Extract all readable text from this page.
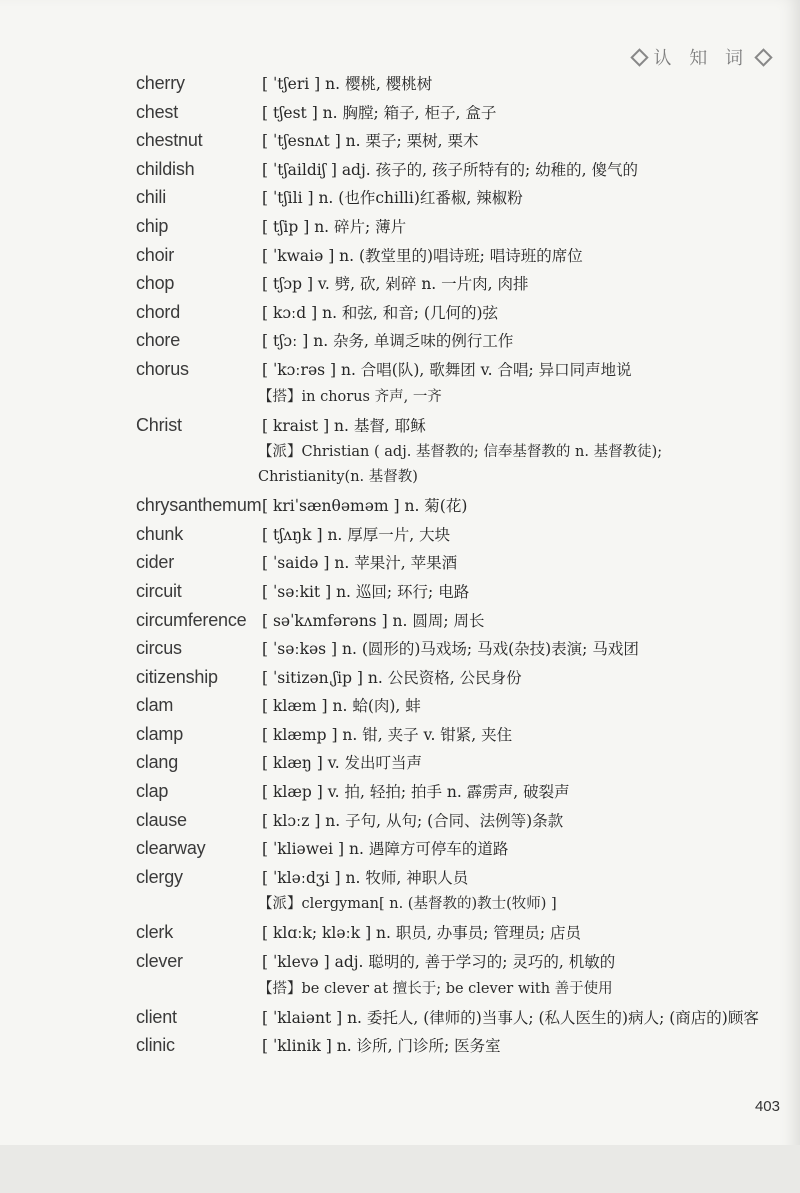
认 知 词
cherry	[ ˈtʃeri ] n. 樱桃, 樱桃树
chest	[ tʃest ] n. 胸膛; 箱子, 柜子, 盒子
chestnut	[ ˈtʃesnʌt ] n. 栗子; 栗树, 栗木
childish	[ ˈtʃaildiʃ ] adj. 孩子的, 孩子所特有的; 幼稚的, 傻气的
chili	[ ˈtʃili ] n. (也作chilli)红番椒, 辣椒粉
chip	[ tʃip ] n. 碎片; 薄片
choir	[ ˈkwaiə ] n. (教堂里的)唱诗班; 唱诗班的席位
chop	[ tʃɔp ] v. 劈, 砍, 剁碎 n. 一片肉, 肉排
chord	[ kɔːd ] n. 和弦, 和音; (几何的)弦
chore	[ tʃɔː ] n. 杂务, 单调乏味的例行工作
chorus	[ ˈkɔːrəs ] n. 合唱(队), 歌舞团 v. 合唱; 异口同声地说
【搭】in chorus 齐声, 一齐
Christ	[ kraist ] n. 基督, 耶稣
【派】Christian ( adj. 基督教的; 信奉基督教的 n. 基督教徒); Christianity(n. 基督教)
chrysanthemum [ kriˈsænθəməm ] n. 菊(花)
chunk	[ tʃʌŋk ] n. 厚厚一片, 大块
cider	[ ˈsaidə ] n. 苹果汁, 苹果酒
circuit	[ ˈsəːkit ] n. 巡回; 环行; 电路
circumference [ səˈkʌmfərəns ] n. 圆周; 周长
circus	[ ˈsəːkəs ] n. (圆形的)马戏场; 马戏(杂技)表演; 马戏团
citizenship	[ ˈsitizənˌʃip ] n. 公民资格, 公民身份
clam	[ klæm ] n. 蛤(肉), 蚌
clamp	[ klæmp ] n. 钳, 夹子 v. 钳紧, 夹住
clang	[ klæŋ ] v. 发出叮当声
clap	[ klæp ] v. 拍, 轻拍; 拍手 n. 霹雳声, 破裂声
clause	[ klɔːz ] n. 子句, 从句; (合同、法例等)条款
clearway	[ ˈkliəwei ] n. 遇障方可停车的道路
clergy	[ ˈkləːdʒi ] n. 牧师, 神职人员
【派】clergyman[ n. (基督教的)教士(牧师) ]
clerk	[ klɑːk; kləːk ] n. 职员, 办事员; 管理员; 店员
clever	[ ˈklevə ] adj. 聪明的, 善于学习的; 灵巧的, 机敏的
【搭】be clever at 擅长于; be clever with 善于使用
client	[ ˈklaiənt ] n. 委托人, (律师的)当事人; (私人医生的)病人; (商店的)顾客
clinic	[ ˈklinik ] n. 诊所, 门诊所; 医务室
403
